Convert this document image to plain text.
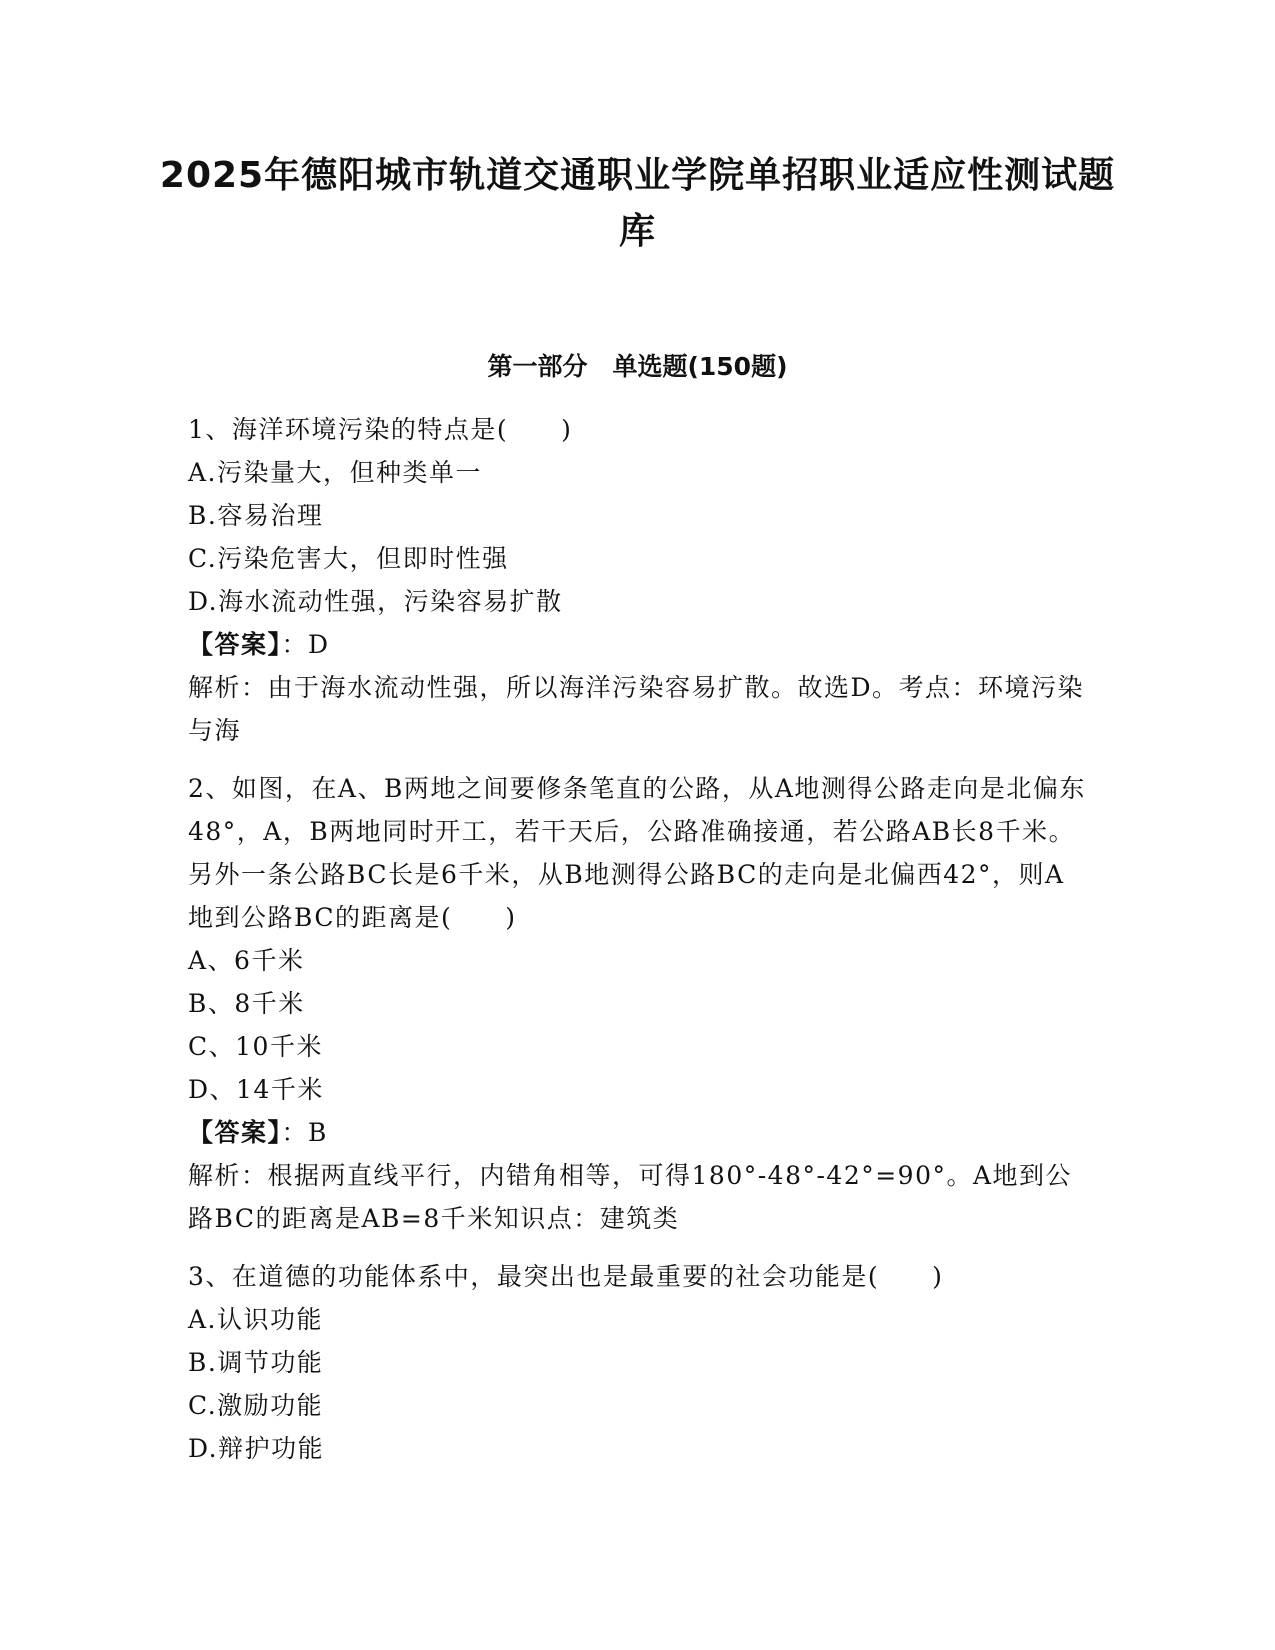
2025年德阳城市轨道交通职业学院单招职业适应性测试题库
第一部分　单选题(150题)

1、海洋环境污染的特点是(　　)

A.污染量大，但种类单一

B.容易治理

C.污染危害大，但即时性强

D.海水流动性强，污染容易扩散

【答案】：D

解析：由于海水流动性强，所以海洋污染容易扩散。故选D。考点：环境污染与海

2、如图，在A、B两地之间要修条笔直的公路，从A地测得公路走向是北偏东48°，A，B两地同时开工，若干天后，公路准确接通，若公路AB长8千米。另外一条公路BC长是6千米，从B地测得公路BC的走向是北偏西42°，则A地到公路BC的距离是(　　)

A、6千米

B、8千米

C、10千米

D、14千米

【答案】：B

解析：根据两直线平行，内错角相等，可得180°-48°-42°=90°。A地到公路BC的距离是AB=8千米知识点：建筑类

3、在道德的功能体系中，最突出也是最重要的社会功能是(　　)

A.认识功能

B.调节功能

C.激励功能

D.辩护功能
